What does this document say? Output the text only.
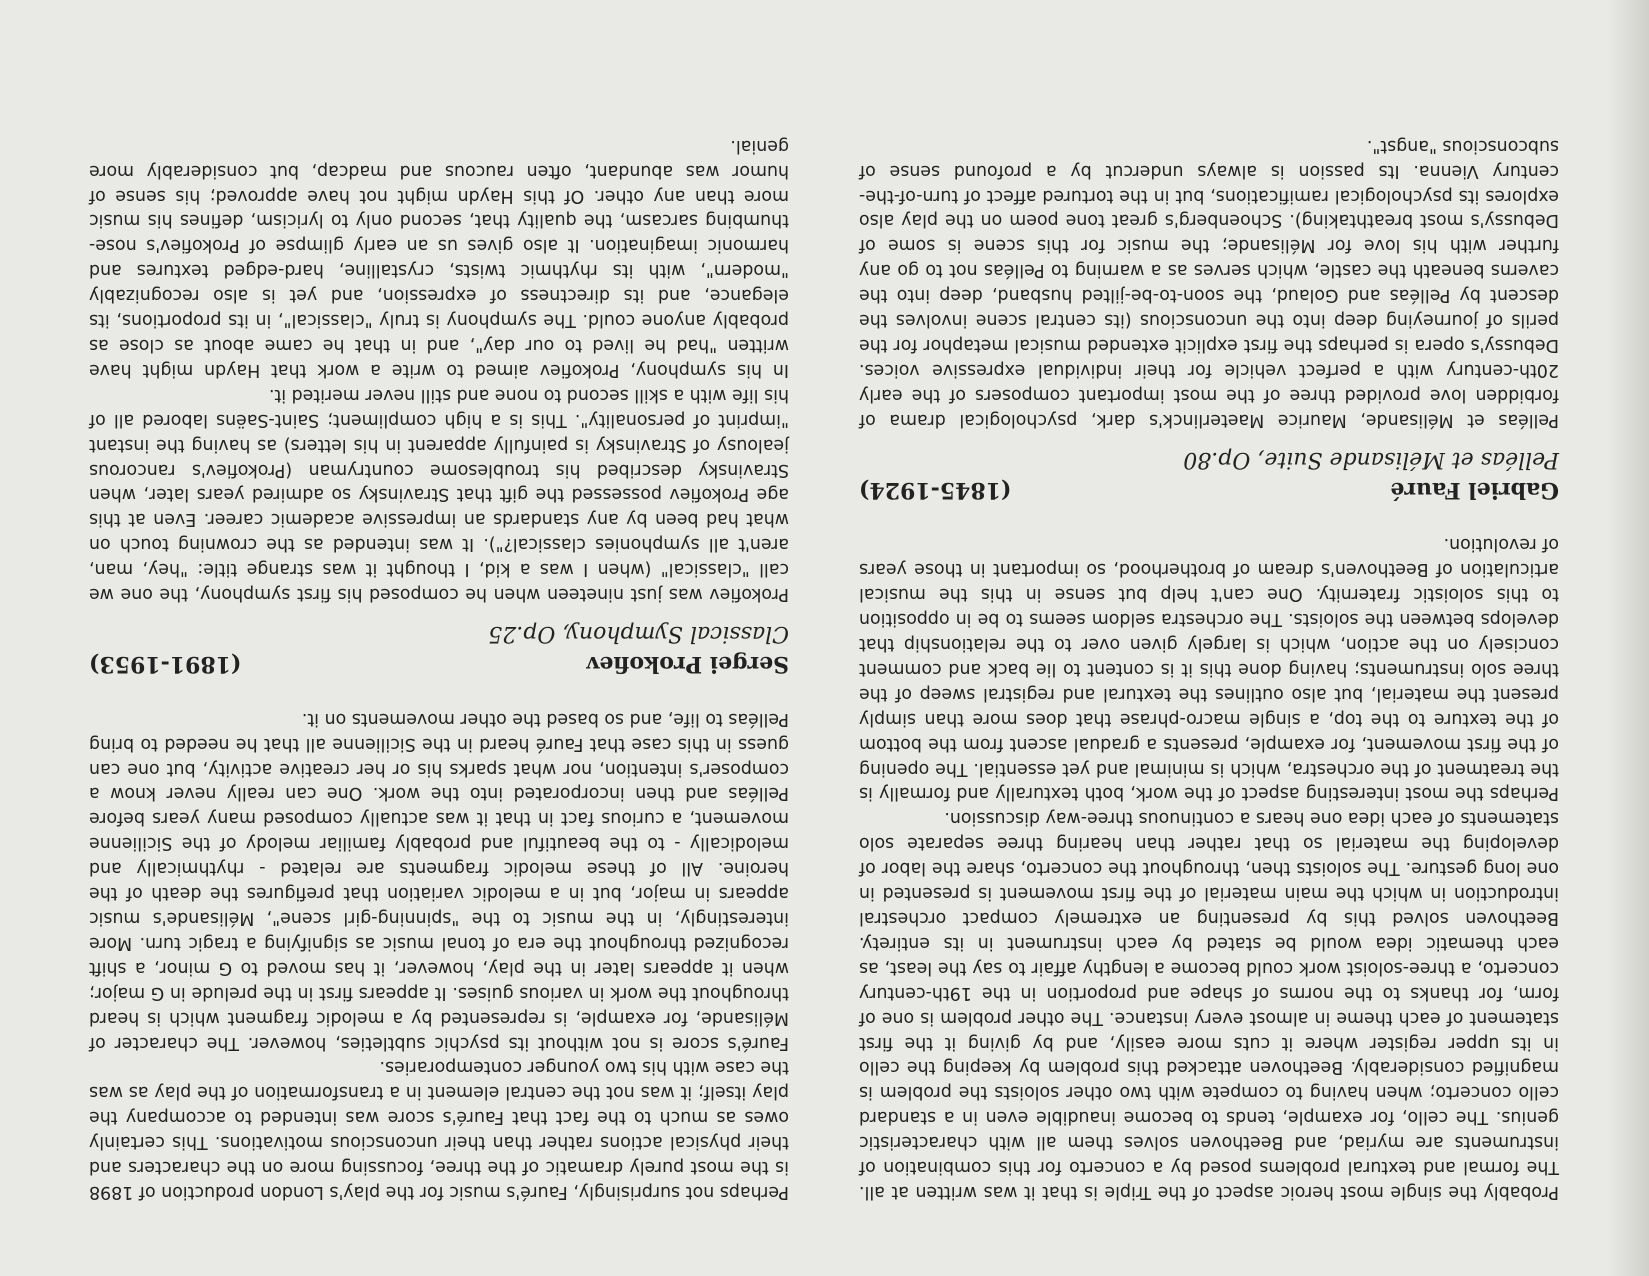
Probably the single most heroic aspect of the Triple is that it was written at all. The formal and textural problems posed by a concerto for this combination of instruments are myriad, and Beethoven solves them all with characteristic genius. The cello, for example, tends to become inaudible even in a standard cello concerto; when having to compete with two other soloists the problem is magnified considerably. Beethoven attacked this problem by keeping the cello in its upper register where it cuts more easily, and by giving it the first statement of each theme in almost every instance. The other problem is one of form, for thanks to the norms of shape and proportion in the 19th-century concerto, a three-soloist work could become a lengthy affair to say the least, as each thematic idea would be stated by each instrument in its entirety. Beethoven solved this by presenting an extremely compact orchestral introduction in which the main material of the first movement is presented in one long gesture. The soloists then, throughout the concerto, share the labor of developing the material so that rather than hearing three separate solo statements of each idea one hears a continuous three-way discussion.

Perhaps the most interesting aspect of the work, both texturally and formally is the treatment of the orchestra, which is minimal and yet essential. The opening of the first movement, for example, presents a gradual ascent from the bottom of the texture to the top, a single macro-phrase that does more than simply present the material, but also outlines the textural and registral sweep of the three solo instruments; having done this it is content to lie back and comment concisely on the action, which is largely given over to the relationship that develops between the soloists. The orchestra seldom seems to be in opposition to this soloistic fraternity. One can't help but sense in this the musical articulation of Beethoven's dream of brotherhood, so important in those years of revolution.

Gabriel Fauré
(1845-1924)
Pelléas et Mélisande Suite, Op.80

Pelléas et Mélisande, Maurice Maeterlinck's dark, psychological drama of forbidden love provided three of the most important composers of the early 20th-century with a perfect vehicle for their individual expressive voices. Debussy's opera is perhaps the first explicit extended musical metaphor for the perils of journeying deep into the unconscious (its central scene involves the descent by Pelléas and Golaud, the soon-to-be-jilted husband, deep into the caverns beneath the castle, which serves as a warning to Pelléas not to go any further with his love for Mélisande; the music for this scene is some of Debussy's most breathtaking). Schoenberg's great tone poem on the play also explores its psychological ramifications, but in the tortured affect of turn-of-the-century Vienna. Its passion is always undercut by a profound sense of subconscious "angst".

Perhaps not surprisingly, Fauré's music for the play's London production of 1898 is the most purely dramatic of the three, focussing more on the characters and their physical actions rather than their unconscious motivations. This certainly owes as much to the fact that Fauré's score was intended to accompany the play itself; it was not the central element in a transformation of the play as was the case with his two younger contemporaries.

Fauré's score is not without its psychic subtleties, however. The character of Mélisande, for example, is represented by a melodic fragment which is heard throughout the work in various guises. It appears first in the prelude in G major; when it appears later in the play, however, it has moved to G minor, a shift recognized throughout the era of tonal music as signifying a tragic turn. More interestingly, in the music to the "spinning-girl scene", Mélisande's music appears in major, but in a melodic variation that prefigures the death of the heroine. All of these melodic fragments are related - rhythmically and melodically - to the beautiful and probably familiar melody of the Sicilienne movement, a curious fact in that it was actually composed many years before Pelléas and then incorporated into the work. One can really never know a composer's intention, nor what sparks his or her creative activity, but one can guess in this case that Fauré heard in the Sicilienne all that he needed to bring Pelléas to life, and so based the other movements on it.

Sergei Prokofiev
(1891-1953)
Classical Symphony, Op.25

Prokofiev was just nineteen when he composed his first symphony, the one we call "classical" (when I was a kid, I thought it was strange title: "hey, man, aren't all symphonies classical?"). It was intended as the crowning touch on what had been by any standards an impressive academic career. Even at this age Prokofiev possessed the gift that Stravinsky so admired years later, when Stravinsky described his troublesome countryman (Prokofiev's rancorous jealousy of Stravinsky is painfully apparent in his letters) as having the instant "imprint of personality". This is a high compliment; Saint-Saëns labored all of his life with a skill second to none and still never merited it.

In his symphony, Prokofiev aimed to write a work that Haydn might have written "had he lived to our day", and in that he came about as close as probably anyone could. The symphony is truly "classical", in its proportions, its elegance, and its directness of expression, and yet is also recognizably "modern", with its rhythmic twists, crystalline, hard-edged textures and harmonic imagination. It also gives us an early glimpse of Prokofiev's nose-thumbing sarcasm, the quality that, second only to lyricism, defines his music more than any other. Of this Haydn might not have approved; his sense of humor was abundant, often raucous and madcap, but considerably more genial.
